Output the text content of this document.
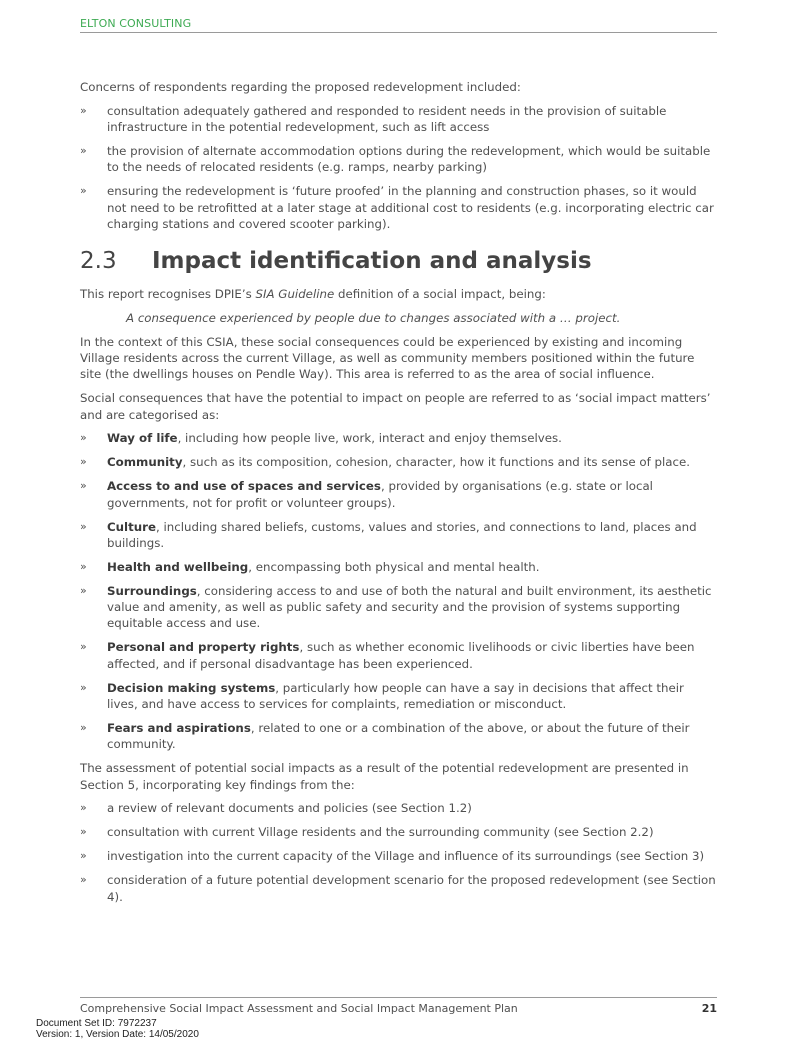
ELTON CONSULTING

Concerns of respondents regarding the proposed redevelopment included:

» consultation adequately gathered and responded to resident needs in the provision of suitable infrastructure in the potential redevelopment, such as lift access
» the provision of alternate accommodation options during the redevelopment, which would be suitable to the needs of relocated residents (e.g. ramps, nearby parking)
» ensuring the redevelopment is ‘future proofed’ in the planning and construction phases, so it would not need to be retrofitted at a later stage at additional cost to residents (e.g. incorporating electric car charging stations and covered scooter parking).
2.3	Impact identification and analysis

This report recognises DPIE’s SIA Guideline definition of a social impact, being:

A consequence experienced by people due to changes associated with a … project.

In the context of this CSIA, these social consequences could be experienced by existing and incoming Village residents across the current Village, as well as community members positioned within the future site (the dwellings houses on Pendle Way). This area is referred to as the area of social influence.

Social consequences that have the potential to impact on people are referred to as ‘social impact matters’ and are categorised as:

» Way of life, including how people live, work, interact and enjoy themselves.
» Community, such as its composition, cohesion, character, how it functions and its sense of place.
» Access to and use of spaces and services, provided by organisations (e.g. state or local governments, not for profit or volunteer groups).
» Culture, including shared beliefs, customs, values and stories, and connections to land, places and buildings.
» Health and wellbeing, encompassing both physical and mental health.
» Surroundings, considering access to and use of both the natural and built environment, its aesthetic value and amenity, as well as public safety and security and the provision of systems supporting equitable access and use.
» Personal and property rights, such as whether economic livelihoods or civic liberties have been affected, and if personal disadvantage has been experienced.
» Decision making systems, particularly how people can have a say in decisions that affect their lives, and have access to services for complaints, remediation or misconduct.
» Fears and aspirations, related to one or a combination of the above, or about the future of their community.

The assessment of potential social impacts as a result of the potential redevelopment are presented in Section 5, incorporating key findings from the:

» a review of relevant documents and policies (see Section 1.2)
» consultation with current Village residents and the surrounding community (see Section 2.2)
» investigation into the current capacity of the Village and influence of its surroundings (see Section 3)
» consideration of a future potential development scenario for the proposed redevelopment (see Section 4).
Comprehensive Social Impact Assessment and Social Impact Management Plan	21
Document Set ID: 7972237
Version: 1, Version Date: 14/05/2020
